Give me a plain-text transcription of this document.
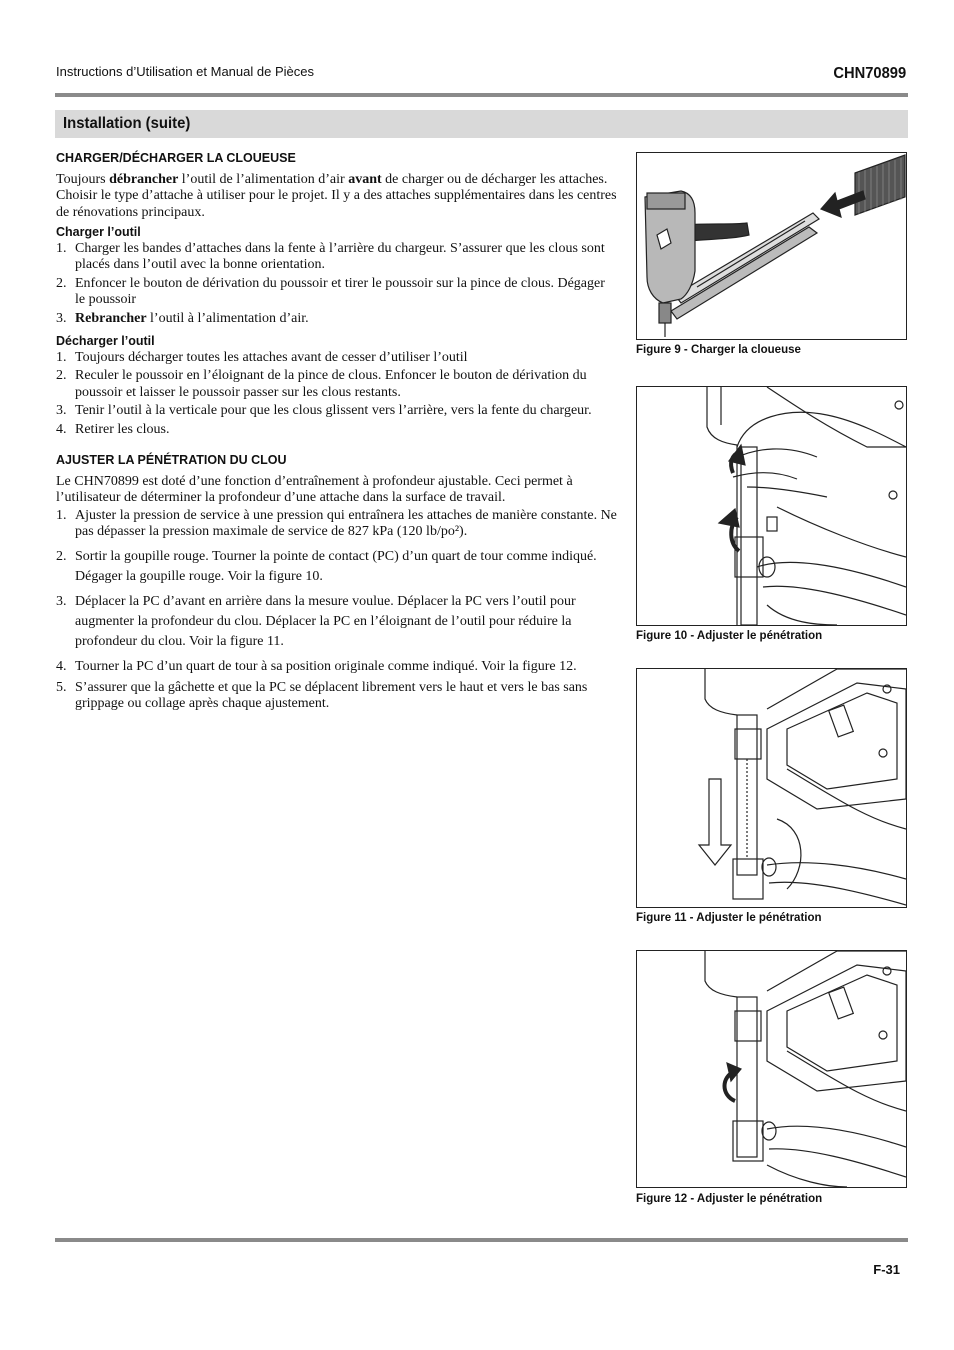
Instructions d’Utilisation et Manual de Pièces	CHN70899
Installation (suite)
CHARGER/DÉCHARGER LA CLOUEUSE

Toujours débrancher l’outil de l’alimentation d’air avant de charger ou de décharger les attaches. Choisir le type d’attache à utiliser pour le projet. Il y a des attaches supplémentaires dans les centres de rénovations principaux.

Charger l’outil
1. Charger les bandes d’attaches dans la fente à l’arrière du chargeur. S’assurer que les clous sont placés dans l’outil avec la bonne orientation.
2. Enfoncer le bouton de dérivation du poussoir et tirer le poussoir sur la pince de clous. Dégager le poussoir
3. Rebrancher l’outil à l’alimentation d’air.
Décharger l’outil
1. Toujours décharger toutes les attaches avant de cesser d’utiliser l’outil
2. Reculer le poussoir en l’éloignant de la pince de clous. Enfoncer le bouton de dérivation du poussoir et laisser le poussoir passer sur les clous restants.
3. Tenir l’outil à la verticale pour que les clous glissent vers l’arrière, vers la fente du chargeur.
4. Retirer les clous.
AJUSTER LA PÉNÉTRATION DU CLOU

Le CHN70899 est doté d’une fonction d’entraînement à profondeur ajustable. Ceci permet à l’utilisateur de déterminer la profondeur d’une attache dans la surface de travail.

1. Ajuster la pression de service à une pression qui entraînera les attaches de manière constante. Ne pas dépasser la pression maximale de service de 827 kPa (120 lb/po²).
2. Sortir la goupille rouge. Tourner la pointe de contact (PC) d’un quart de tour comme indiqué. Dégager la goupille rouge. Voir la figure 10.
3. Déplacer la PC d’avant en arrière dans la mesure voulue. Déplacer la PC vers l’outil pour augmenter la profondeur du clou. Déplacer la PC en l’éloignant de l’outil pour réduire la profondeur du clou. Voir la figure 11.
4. Tourner la PC d’un quart de tour à sa position originale comme indiqué. Voir la figure 12.
5. S’assurer que la gâchette et que la PC se déplacent librement vers le haut et vers le bas sans grippage ou collage après chaque ajustement.
Figure 9 - Charger la cloueuse
Figure 10 - Adjuster le pénétration
Figure 11 - Adjuster le pénétration
Figure 12 - Adjuster le pénétration
F-31
